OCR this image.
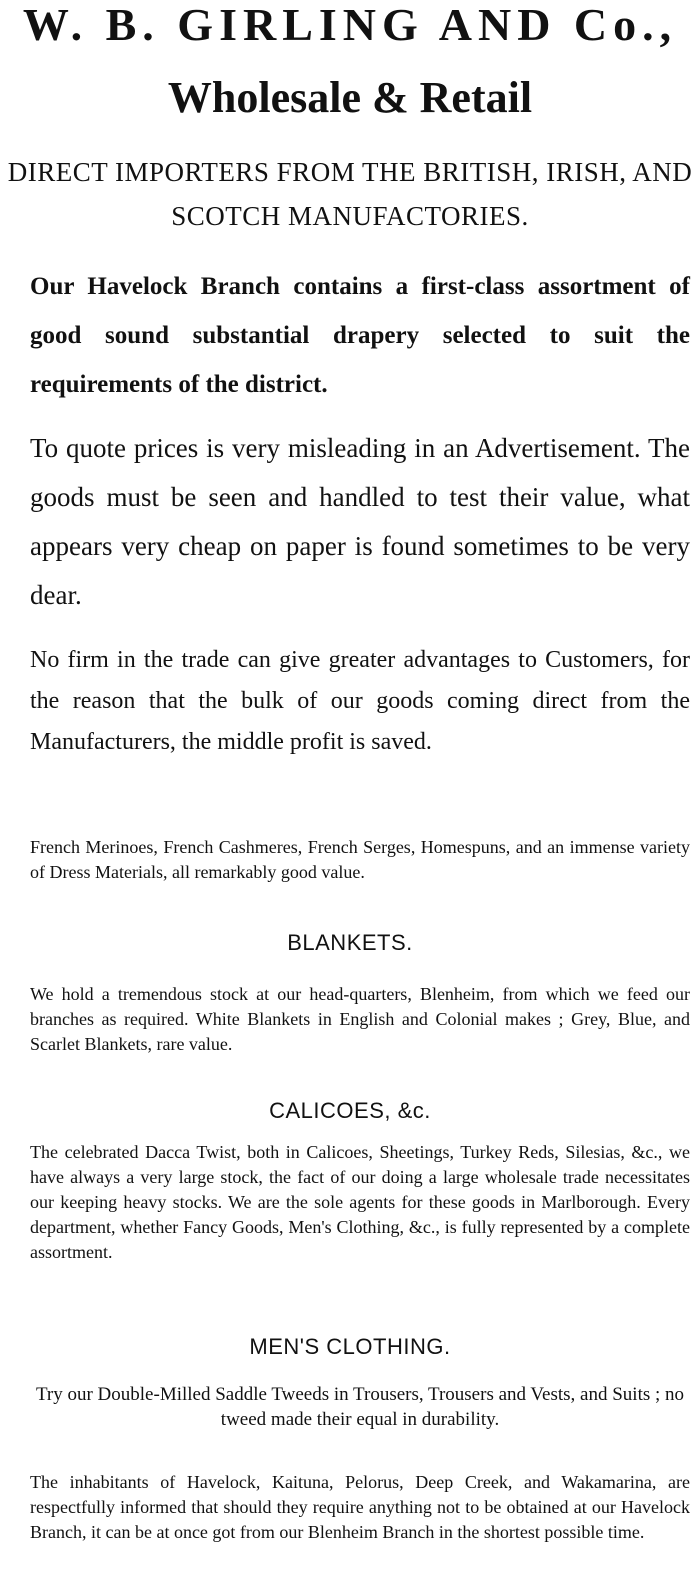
W. B. GIRLING AND Co.,
Wholesale & Retail
DIRECT IMPORTERS FROM THE BRITISH, IRISH, AND SCOTCH MANUFACTORIES.
Our Havelock Branch contains a first-class assortment of good sound substantial drapery selected to suit the requirements of the district.
To quote prices is very misleading in an Advertisement. The goods must be seen and handled to test their value, what appears very cheap on paper is found sometimes to be very dear.
No firm in the trade can give greater advantages to Customers, for the reason that the bulk of our goods coming direct from the Manufacturers, the middle profit is saved.
French Merinoes, French Cashmeres, French Serges, Homespuns, and an immense variety of Dress Materials, all remarkably good value.
BLANKETS.
We hold a tremendous stock at our head-quarters, Blenheim, from which we feed our branches as required. White Blankets in English and Colonial makes ; Grey, Blue, and Scarlet Blankets, rare value.
CALICOES, &c.
The celebrated Dacca Twist, both in Calicoes, Sheetings, Turkey Reds, Silesias, &c., we have always a very large stock, the fact of our doing a large wholesale trade necessitates our keeping heavy stocks. We are the sole agents for these goods in Marlborough. Every department, whether Fancy Goods, Men's Clothing, &c., is fully represented by a complete assortment.
MEN'S CLOTHING.
Try our Double-Milled Saddle Tweeds in Trousers, Trousers and Vests, and Suits ; no tweed made their equal in durability.
The inhabitants of Havelock, Kaituna, Pelorus, Deep Creek, and Wakamarina, are respectfully informed that should they require anything not to be obtained at our Havelock Branch, it can be at once got from our Blenheim Branch in the shortest possible time.
